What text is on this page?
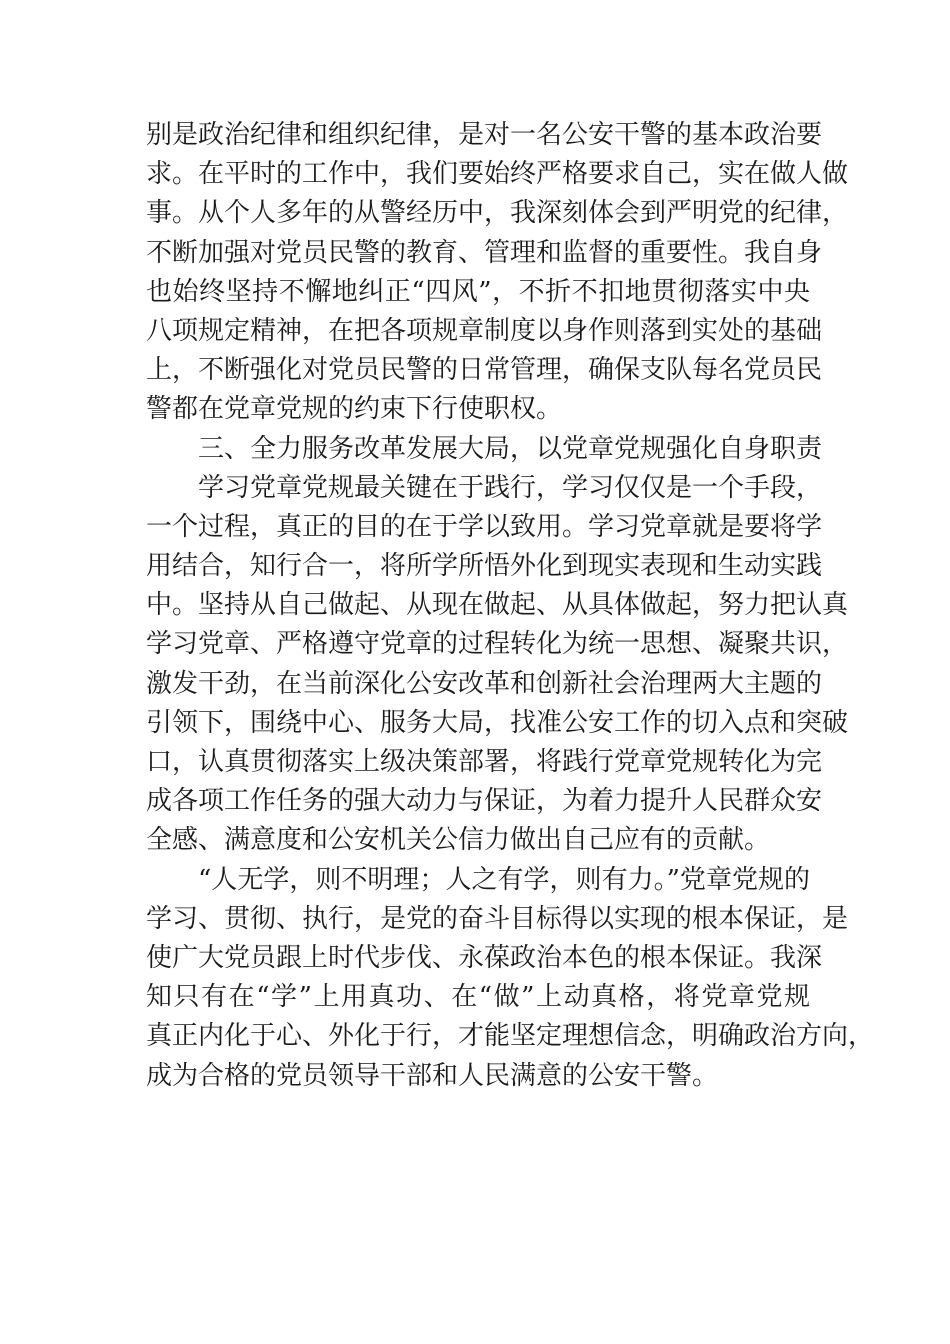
别是政治纪律和组织纪律，是对一名公安干警的基本政治要
求。在平时的工作中，我们要始终严格要求自己，实在做人做
事。从个人多年的从警经历中，我深刻体会到严明党的纪律，
不断加强对党员民警的教育、管理和监督的重要性。我自身
也始终坚持不懈地纠正“四风”，不折不扣地贯彻落实中央
八项规定精神，在把各项规章制度以身作则落到实处的基础
上，不断强化对党员民警的日常管理，确保支队每名党员民
警都在党章党规的约束下行使职权。
三、全力服务改革发展大局，以党章党规强化自身职责
学习党章党规最关键在于践行，学习仅仅是一个手段，
一个过程，真正的目的在于学以致用。学习党章就是要将学
用结合，知行合一，将所学所悟外化到现实表现和生动实践
中。坚持从自己做起、从现在做起、从具体做起，努力把认真
学习党章、严格遵守党章的过程转化为统一思想、凝聚共识，
激发干劲，在当前深化公安改革和创新社会治理两大主题的
引领下，围绕中心、服务大局，找准公安工作的切入点和突破
口，认真贯彻落实上级决策部署，将践行党章党规转化为完
成各项工作任务的强大动力与保证，为着力提升人民群众安
全感、满意度和公安机关公信力做出自己应有的贡献。
“人无学，则不明理；人之有学，则有力。”党章党规的
学习、贯彻、执行，是党的奋斗目标得以实现的根本保证，是
使广大党员跟上时代步伐、永葆政治本色的根本保证。我深
知只有在“学”上用真功、在“做”上动真格，将党章党规
真正内化于心、外化于行，才能坚定理想信念，明确政治方向，
成为合格的党员领导干部和人民满意的公安干警。
